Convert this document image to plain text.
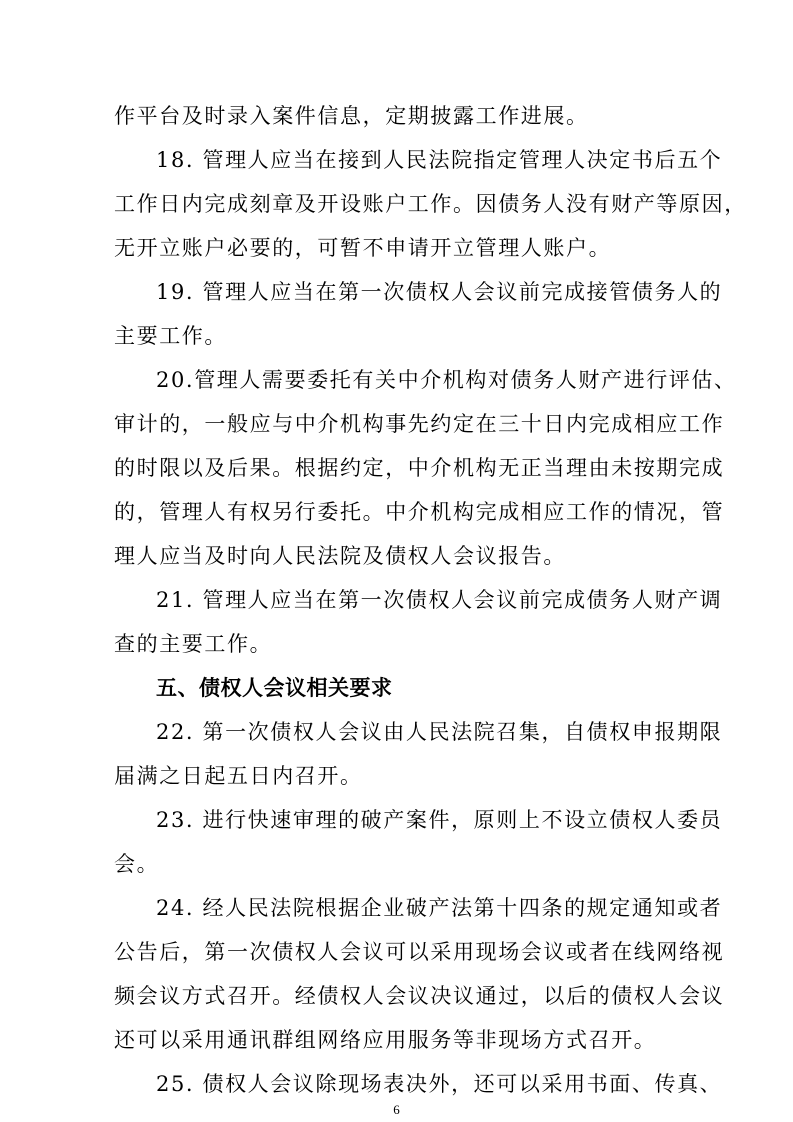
作平台及时录入案件信息，定期披露工作进展。
18. 管理人应当在接到人民法院指定管理人决定书后五个
工作日内完成刻章及开设账户工作。因债务人没有财产等原因，
无开立账户必要的，可暂不申请开立管理人账户。
19. 管理人应当在第一次债权人会议前完成接管债务人的
主要工作。
20.管理人需要委托有关中介机构对债务人财产进行评估、
审计的，一般应与中介机构事先约定在三十日内完成相应工作
的时限以及后果。根据约定，中介机构无正当理由未按期完成
的，管理人有权另行委托。中介机构完成相应工作的情况，管
理人应当及时向人民法院及债权人会议报告。
21. 管理人应当在第一次债权人会议前完成债务人财产调
查的主要工作。
五、债权人会议相关要求
22. 第一次债权人会议由人民法院召集，自债权申报期限
届满之日起五日内召开。
23. 进行快速审理的破产案件，原则上不设立债权人委员
会。
24. 经人民法院根据企业破产法第十四条的规定通知或者
公告后，第一次债权人会议可以采用现场会议或者在线网络视
频会议方式召开。经债权人会议决议通过，以后的债权人会议
还可以采用通讯群组网络应用服务等非现场方式召开。
25. 债权人会议除现场表决外，还可以采用书面、传真、
6
